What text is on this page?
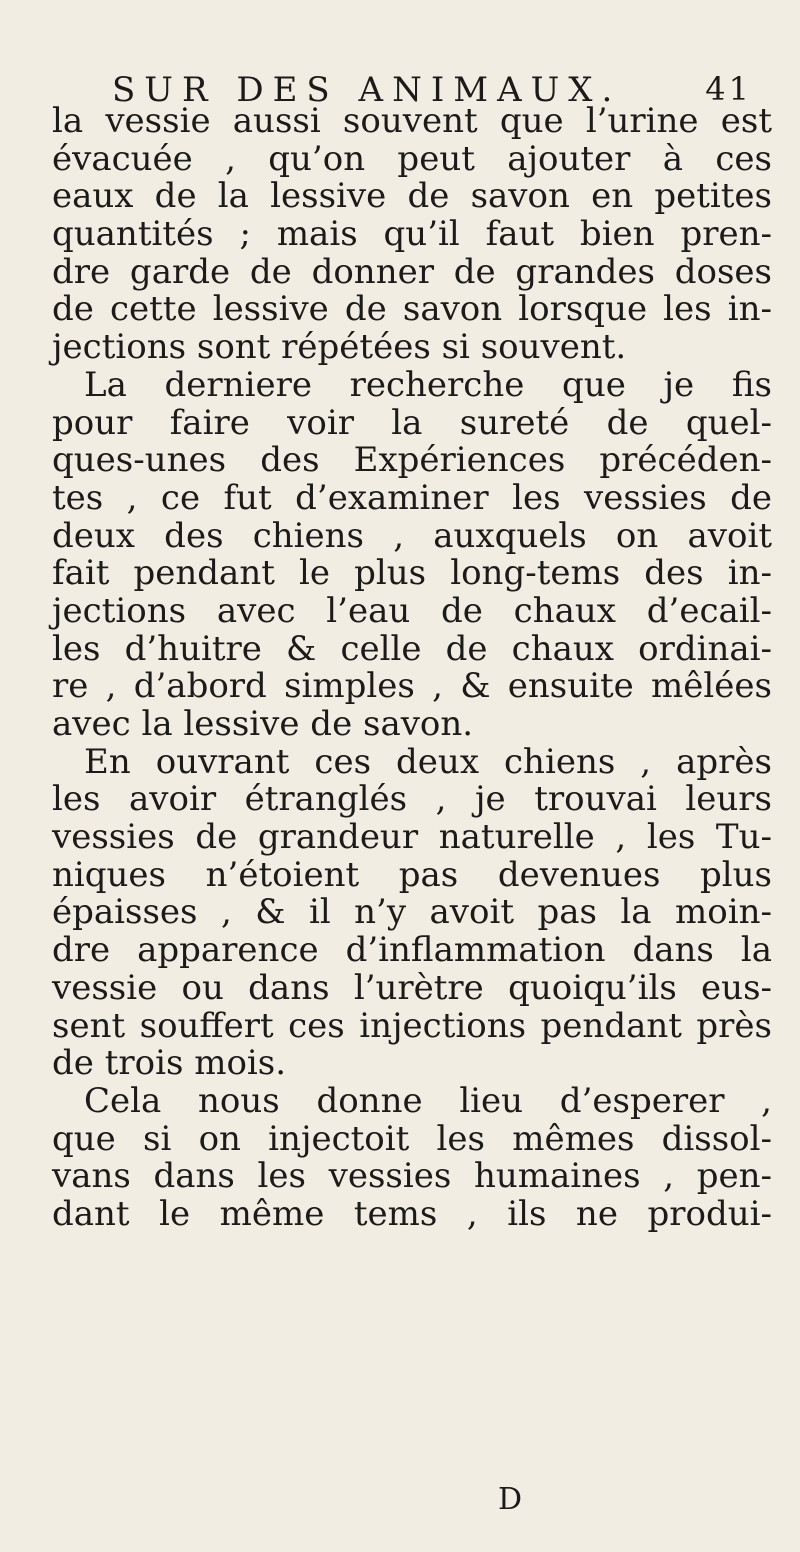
SUR DES ANIMAUX.	41
la vessie aussi souvent que l’urine est
évacuée , qu’on peut ajouter à ces
eaux de la lessive de savon en petites
quantités ; mais qu’il faut bien pren-
dre garde de donner de grandes doses
de cette lessive de savon lorsque les in-
jections sont répétées si souvent.
La derniere recherche que je fis
pour faire voir la sureté de quel-
ques-unes des Expériences précéden-
tes , ce fut d’examiner les vessies de
deux des chiens , auxquels on avoit
fait pendant le plus long-tems des in-
jections avec l’eau de chaux d’ecail-
les d’huitre & celle de chaux ordinai-
re , d’abord simples , & ensuite mêlées
avec la lessive de savon.
En ouvrant ces deux chiens , après
les avoir étranglés , je trouvai leurs
vessies de grandeur naturelle , les Tu-
niques n’étoient pas devenues plus
épaisses , & il n’y avoit pas la moin-
dre apparence d’inflammation dans la
vessie ou dans l’urètre quoiqu’ils eus-
sent souffert ces injections pendant près
de trois mois.
Cela nous donne lieu d’esperer ,
que si on injectoit les mêmes dissol-
vans dans les vessies humaines , pen-
dant le même tems , ils ne produi-
D
